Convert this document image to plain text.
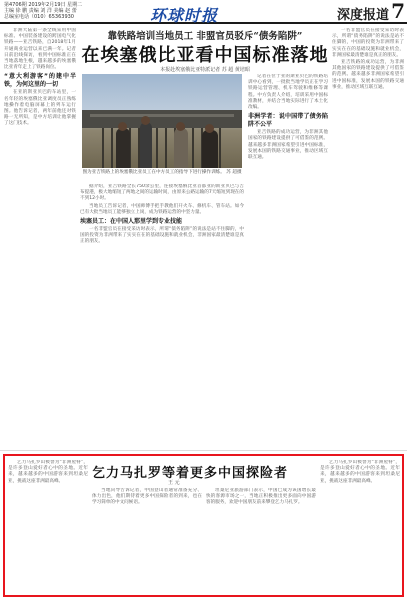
第4706期 2019年2月19日 星期二
主编 徐 鹏 责编 刘 洋 美编 赵 蕾
总编室电话（010）65363930	环球时报	深度报道 7
靠铁路培训当地员工 非盟官员驳斥“债务陷阱”
在埃塞俄比亚看中国标准落地
本报赴埃塞俄比亚特派记者 苏 超 黄培昭
图为亚吉铁路上的埃塞俄比亚员工在中方员工的指导下进行操作训练。 苏 超摄

非洲大陆第一条全线采用中国标准、中国装备建设的跨国电气化铁路——亚吉铁路，自2018年1月开通商业运营以来已满一年。记者日前沿线探访，看到中国标准正在当地落地生根，越来越多的埃塞俄比亚青年走上了铁路岗位。

“意大利游客”的建中半铁，为何这里的一切

在亚的斯亚贝巴的车站里，一名年轻的埃塞俄比亚调度员正熟练地操作着电脑屏幕上的列车运行图。他告诉记者，两年前他还对铁路一无所知，是中方培训让他掌握了这门技术。

据介绍，亚吉铁路全长750余公里，连接埃塞俄比亚首都亚的斯亚贝巴与吉布提港，极大地缩短了两地之间的运输时间，由原来公路运输的7天缩短到现在的不到12小时。

当地员工告诉记者，中国师傅手把手教他们开火车、修机车、管车站。如今已有大批当地员工能够独立上岗，成为铁路运营的中坚力量。

埃塞员工：在中国人那里学到专业技能

一名非盟官员在接受采访时表示，所谓“债务陷阱”的说法是站不住脚的，中国的投资为非洲带来了实实在在的基础设施和就业机会，非洲国家最清楚谁是真正的朋友。

记者在位于亚的斯亚贝巴的铁路培训中心看到，一批批当地学员正在学习铁路运营管理、机车驾驶和维修等课程。中方负责人介绍，培训采用中国标准教材，并结合当地实际进行了本土化改编。

非洲学者：说中国带了债务陷阱不公平

亚吉铁路的成功运营，为非洲其他国家的铁路建设提供了可借鉴的范例。越来越多非洲国家希望引进中国标准，发展本国的铁路交通事业，推动区域互联互通。

一名非盟官员在接受采访时表示，所谓“债务陷阱”的说法是站不住脚的，中国的投资为非洲带来了实实在在的基础设施和就业机会，非洲国家最清楚谁是真正的朋友。

亚吉铁路的成功运营，为非洲其他国家的铁路建设提供了可借鉴的范例。越来越多非洲国家希望引进中国标准，发展本国的铁路交通事业，推动区域互联互通。

乞力马扎罗等着更多中国探险者
王 元

乞力马扎罗山被誉为“非洲屋脊”，是许多登山爱好者心中的圣地。近年来，越来越多的中国游客来到坦桑尼亚，挑战这座非洲最高峰。

当地向导告诉记者，中国登山者通常准备充分、体力出色，他们期待着更多中国探险者的到来，也在学习简单的中文问候语。

坦桑尼亚旅游部门表示，中国已成为该国增长最快的客源市场之一，当地正积极推出更多面向中国游客的服务，欢迎中国朋友前来攀登乞力马扎罗。

乞力马扎罗山被誉为“非洲屋脊”，是许多登山爱好者心中的圣地。近年来，越来越多的中国游客来到坦桑尼亚，挑战这座非洲最高峰。
